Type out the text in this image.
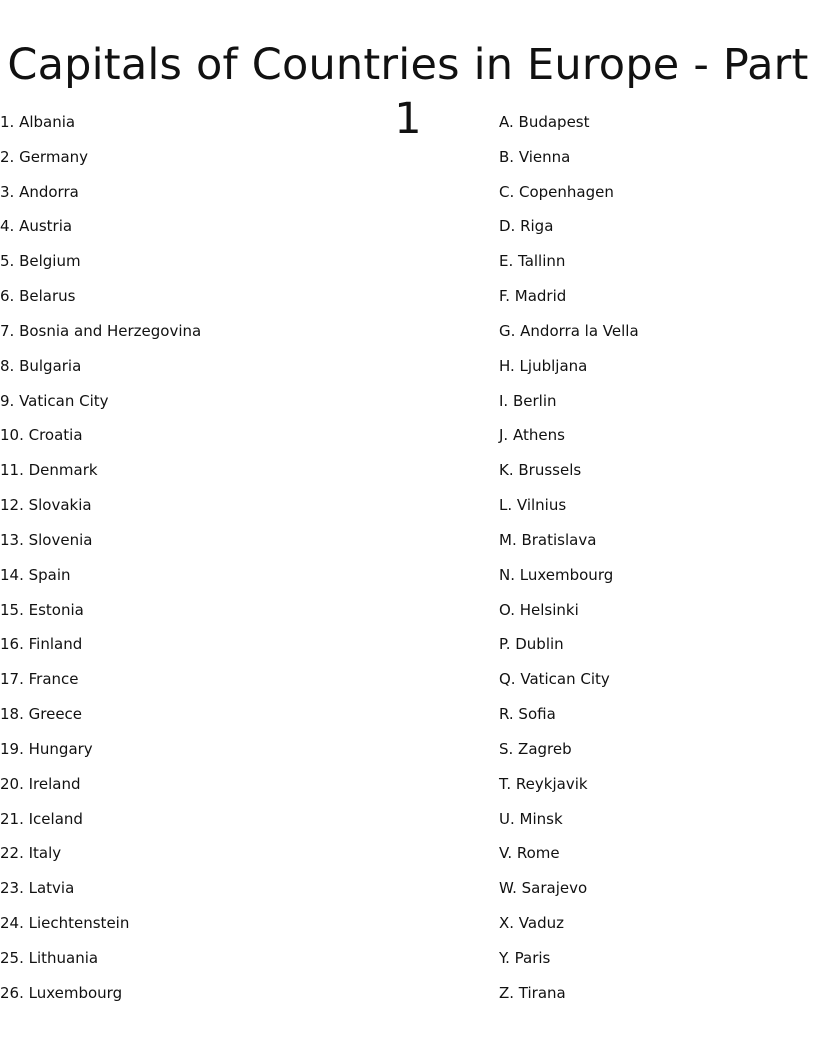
Capitals of Countries in Europe - Part 1
1. Albania
2. Germany
3. Andorra
4. Austria
5. Belgium
6. Belarus
7. Bosnia and Herzegovina
8. Bulgaria
9. Vatican City
10. Croatia
11. Denmark
12. Slovakia
13. Slovenia
14. Spain
15. Estonia
16. Finland
17. France
18. Greece
19. Hungary
20. Ireland
21. Iceland
22. Italy
23. Latvia
24. Liechtenstein
25. Lithuania
26. Luxembourg
A. Budapest
B. Vienna
C. Copenhagen
D. Riga
E. Tallinn
F. Madrid
G. Andorra la Vella
H. Ljubljana
I. Berlin
J. Athens
K. Brussels
L. Vilnius
M. Bratislava
N. Luxembourg
O. Helsinki
P. Dublin
Q. Vatican City
R. Sofia
S. Zagreb
T. Reykjavik
U. Minsk
V. Rome
W. Sarajevo
X. Vaduz
Y. Paris
Z. Tirana
